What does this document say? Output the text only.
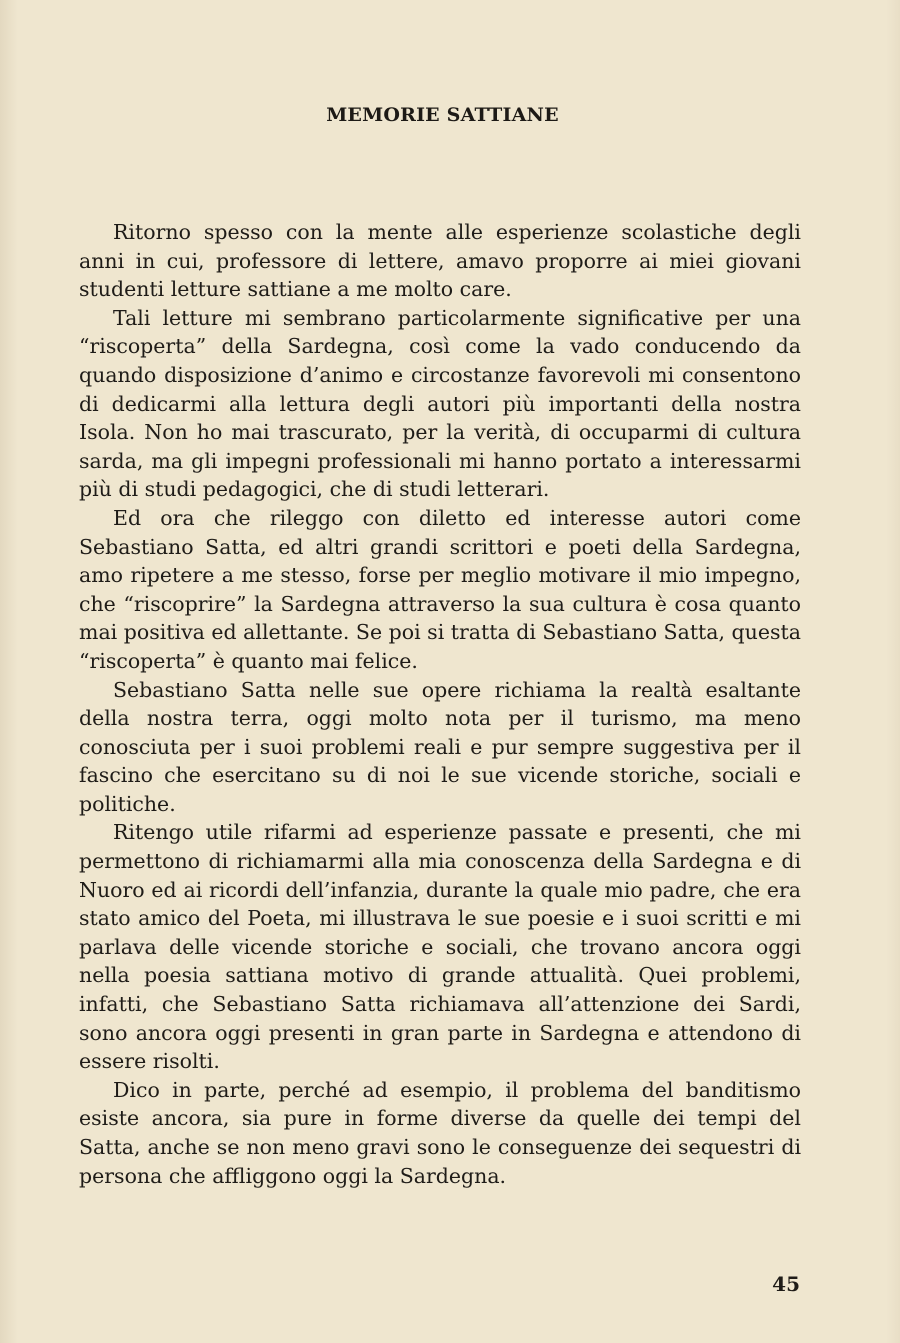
MEMORIE SATTIANE

Ritorno spesso con la mente alle esperienze scolastiche degli anni in cui, professore di lettere, amavo proporre ai miei giovani studenti letture sattiane a me molto care.

Tali letture mi sembrano particolarmente significative per una “riscoperta” della Sardegna, così come la vado conducendo da quando disposizione d’animo e circostanze favorevoli mi consentono di dedicarmi alla lettura degli autori più importanti della nostra Isola. Non ho mai trascurato, per la verità, di occuparmi di cultura sarda, ma gli impegni professionali mi hanno portato a interessarmi più di studi pedagogici, che di studi letterari.

Ed ora che rileggo con diletto ed interesse autori come Sebastiano Satta, ed altri grandi scrittori e poeti della Sardegna, amo ripetere a me stesso, forse per meglio motivare il mio impegno, che “riscoprire” la Sardegna attraverso la sua cultura è cosa quanto mai positiva ed allettante. Se poi si tratta di Sebastiano Satta, questa “riscoperta” è quanto mai felice.

Sebastiano Satta nelle sue opere richiama la realtà esaltante della nostra terra, oggi molto nota per il turismo, ma meno conosciuta per i suoi problemi reali e pur sempre suggestiva per il fascino che esercitano su di noi le sue vicende storiche, sociali e politiche.

Ritengo utile rifarmi ad esperienze passate e presenti, che mi permettono di richiamarmi alla mia conoscenza della Sardegna e di Nuoro ed ai ricordi dell’infanzia, durante la quale mio padre, che era stato amico del Poeta, mi illustrava le sue poesie e i suoi scritti e mi parlava delle vicende storiche e sociali, che trovano ancora oggi nella poesia sattiana motivo di grande attualità. Quei problemi, infatti, che Sebastiano Satta richiamava all’attenzione dei Sardi, sono ancora oggi presenti in gran parte in Sardegna e attendono di essere risolti.

Dico in parte, perché ad esempio, il problema del banditismo esiste ancora, sia pure in forme diverse da quelle dei tempi del Satta, anche se non meno gravi sono le conseguenze dei sequestri di persona che affliggono oggi la Sardegna.

45
